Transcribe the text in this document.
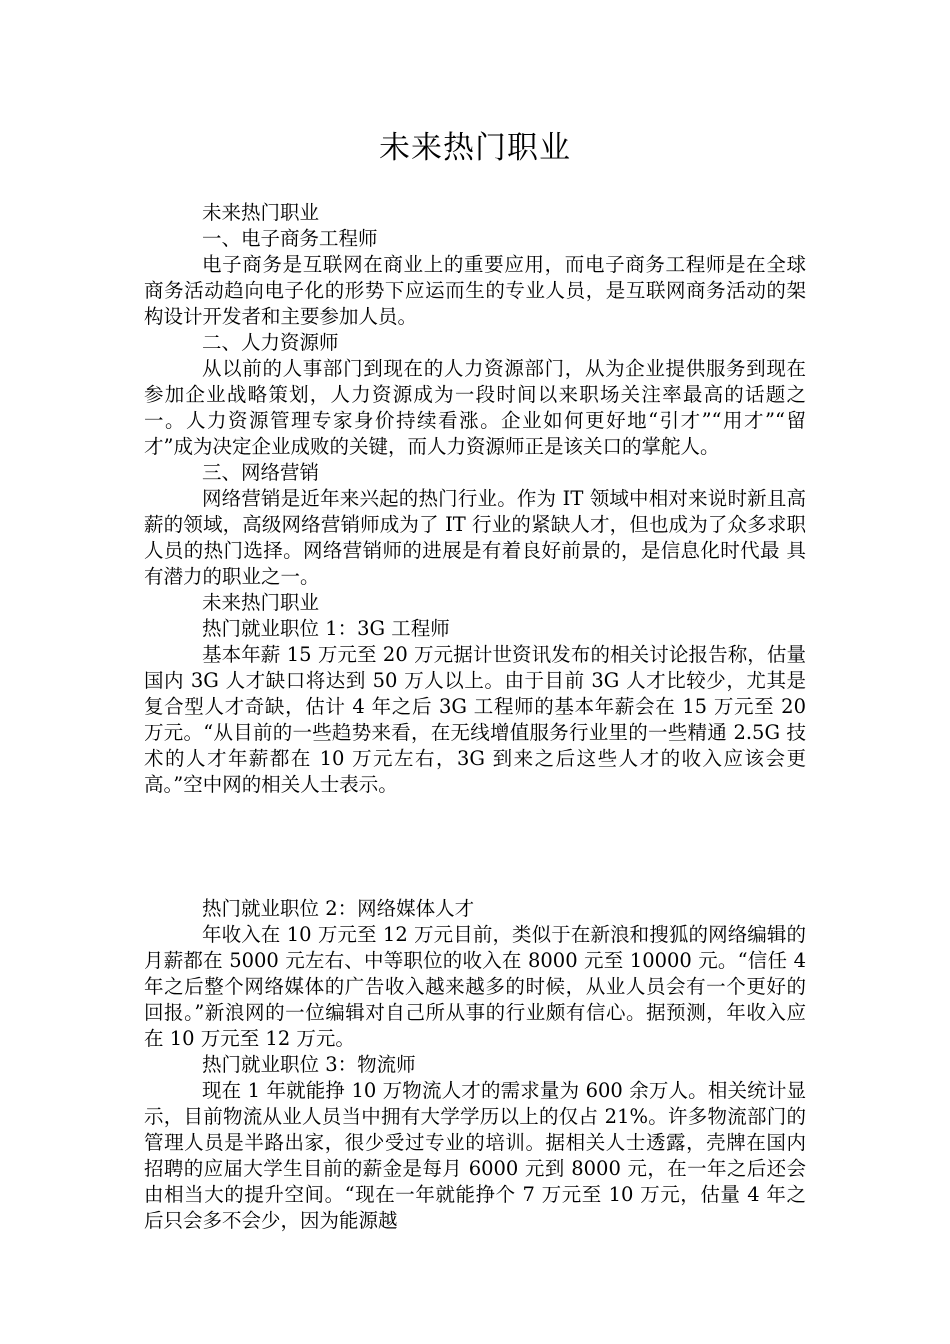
未来热门职业

未来热门职业

一、电子商务工程师

电子商务是互联网在商业上的重要应用，而电子商务工程师是在全球商务活动趋向电子化的形势下应运而生的专业人员，是互联网商务活动的架构设计开发者和主要参加人员。

二、人力资源师

从以前的人事部门到现在的人力资源部门，从为企业提供服务到现在参加企业战略策划，人力资源成为一段时间以来职场关注率最高的话题之一。人力资源管理专家身价持续看涨。企业如何更好地“引才”“用才”“留才”成为决定企业成败的关键，而人力资源师正是该关口的掌舵人。

三、网络营销

网络营销是近年来兴起的热门行业。作为 IT 领域中相对来说时新且高薪的领域，高级网络营销师成为了 IT 行业的紧缺人才，但也成为了众多求职人员的热门选择。网络营销师的进展是有着良好前景的，是信息化时代最 具有潜力的职业之一。

未来热门职业

热门就业职位 1：3G 工程师

基本年薪 15 万元至 20 万元据计世资讯发布的相关讨论报告称，估量国内 3G 人才缺口将达到 50 万人以上。由于目前 3G 人才比较少，尤其是复合型人才奇缺，估计 4 年之后 3G 工程师的基本年薪会在 15 万元至 20 万元。“从目前的一些趋势来看，在无线增值服务行业里的一些精通 2.5G 技术的人才年薪都在 10 万元左右，3G 到来之后这些人才的收入应该会更高。”空中网的相关人士表示。

热门就业职位 2：网络媒体人才

年收入在 10 万元至 12 万元目前，类似于在新浪和搜狐的网络编辑的月薪都在 5000 元左右、中等职位的收入在 8000 元至 10000 元。“信任 4 年之后整个网络媒体的广告收入越来越多的时候，从业人员会有一个更好的回报。”新浪网的一位编辑对自己所从事的行业颇有信心。据预测，年收入应在 10 万元至 12 万元。

热门就业职位 3：物流师

现在 1 年就能挣 10 万物流人才的需求量为 600 余万人。相关统计显示，目前物流从业人员当中拥有大学学历以上的仅占 21%。许多物流部门的管理人员是半路出家，很少受过专业的培训。据相关人士透露，壳牌在国内招聘的应届大学生目前的薪金是每月 6000 元到 8000 元，在一年之后还会由相当大的提升空间。“现在一年就能挣个 7 万元至 10 万元，估量 4 年之后只会多不会少，因为能源越
